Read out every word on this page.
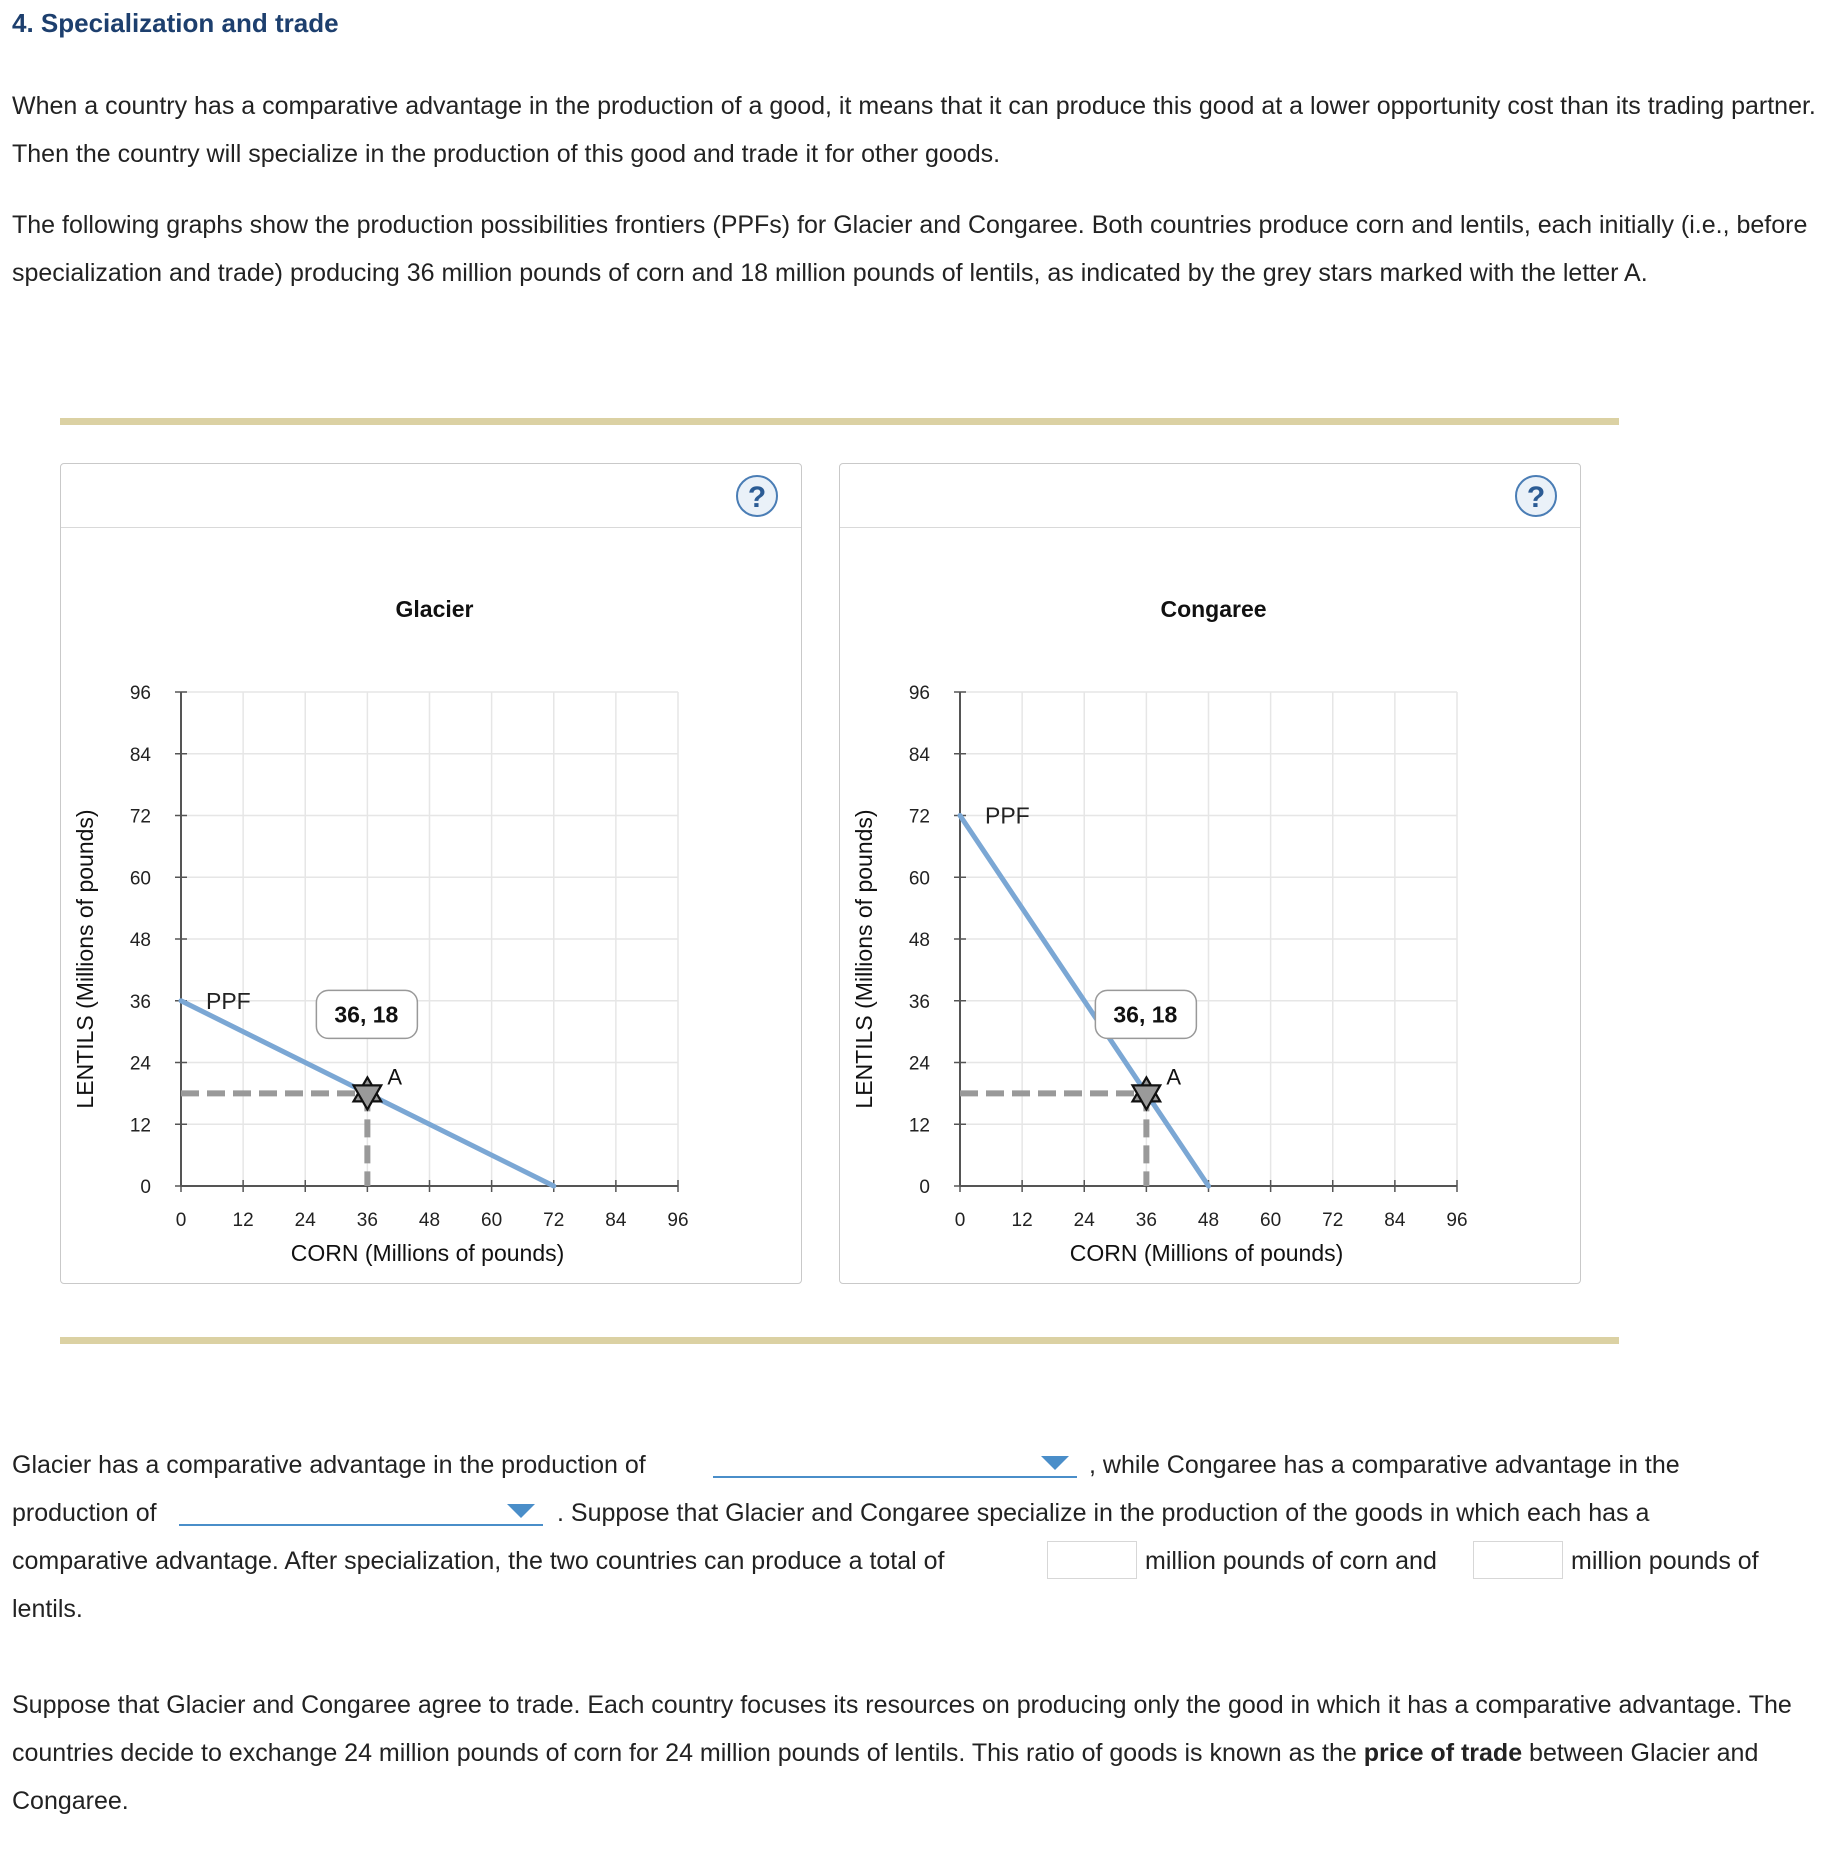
4. Specialization and trade
When a country has a comparative advantage in the production of a good, it means that it can produce this good at a lower opportunity cost than its trading partner. Then the country will specialize in the production of this good and trade it for other goods.
The following graphs show the production possibilities frontiers (PPFs) for Glacier and Congaree. Both countries produce corn and lentils, each initially (i.e., before specialization and trade) producing 36 million pounds of corn and 18 million pounds of lentils, as indicated by the grey stars marked with the letter A.
?
Glacier
0 12 24 36 48 60 72 84 96
0
12
24
36
48
60
72
84
96
CORN (Millions of pounds)
LENTILS (Millions of pounds)	PPF
A
36, 18
?
Congaree
0 12 24 36 48 60 72 84 96
0
12
24
36
48
60
72
84
96
CORN (Millions of pounds)
LENTILS (Millions of pounds)	PPF
A
36, 18
Glacier has a comparative advantage in the production of	, while Congaree has a comparative advantage in the
production of	. Suppose that Glacier and Congaree specialize in the production of the goods in which each has a
comparative advantage. After specialization, the two countries can produce a total of	million pounds of corn and	million pounds of
lentils.
Suppose that Glacier and Congaree agree to trade. Each country focuses its resources on producing only the good in which it has a comparative advantage. The countries decide to exchange 24 million pounds of corn for 24 million pounds of lentils. This ratio of goods is known as the price of trade between Glacier and Congaree.
